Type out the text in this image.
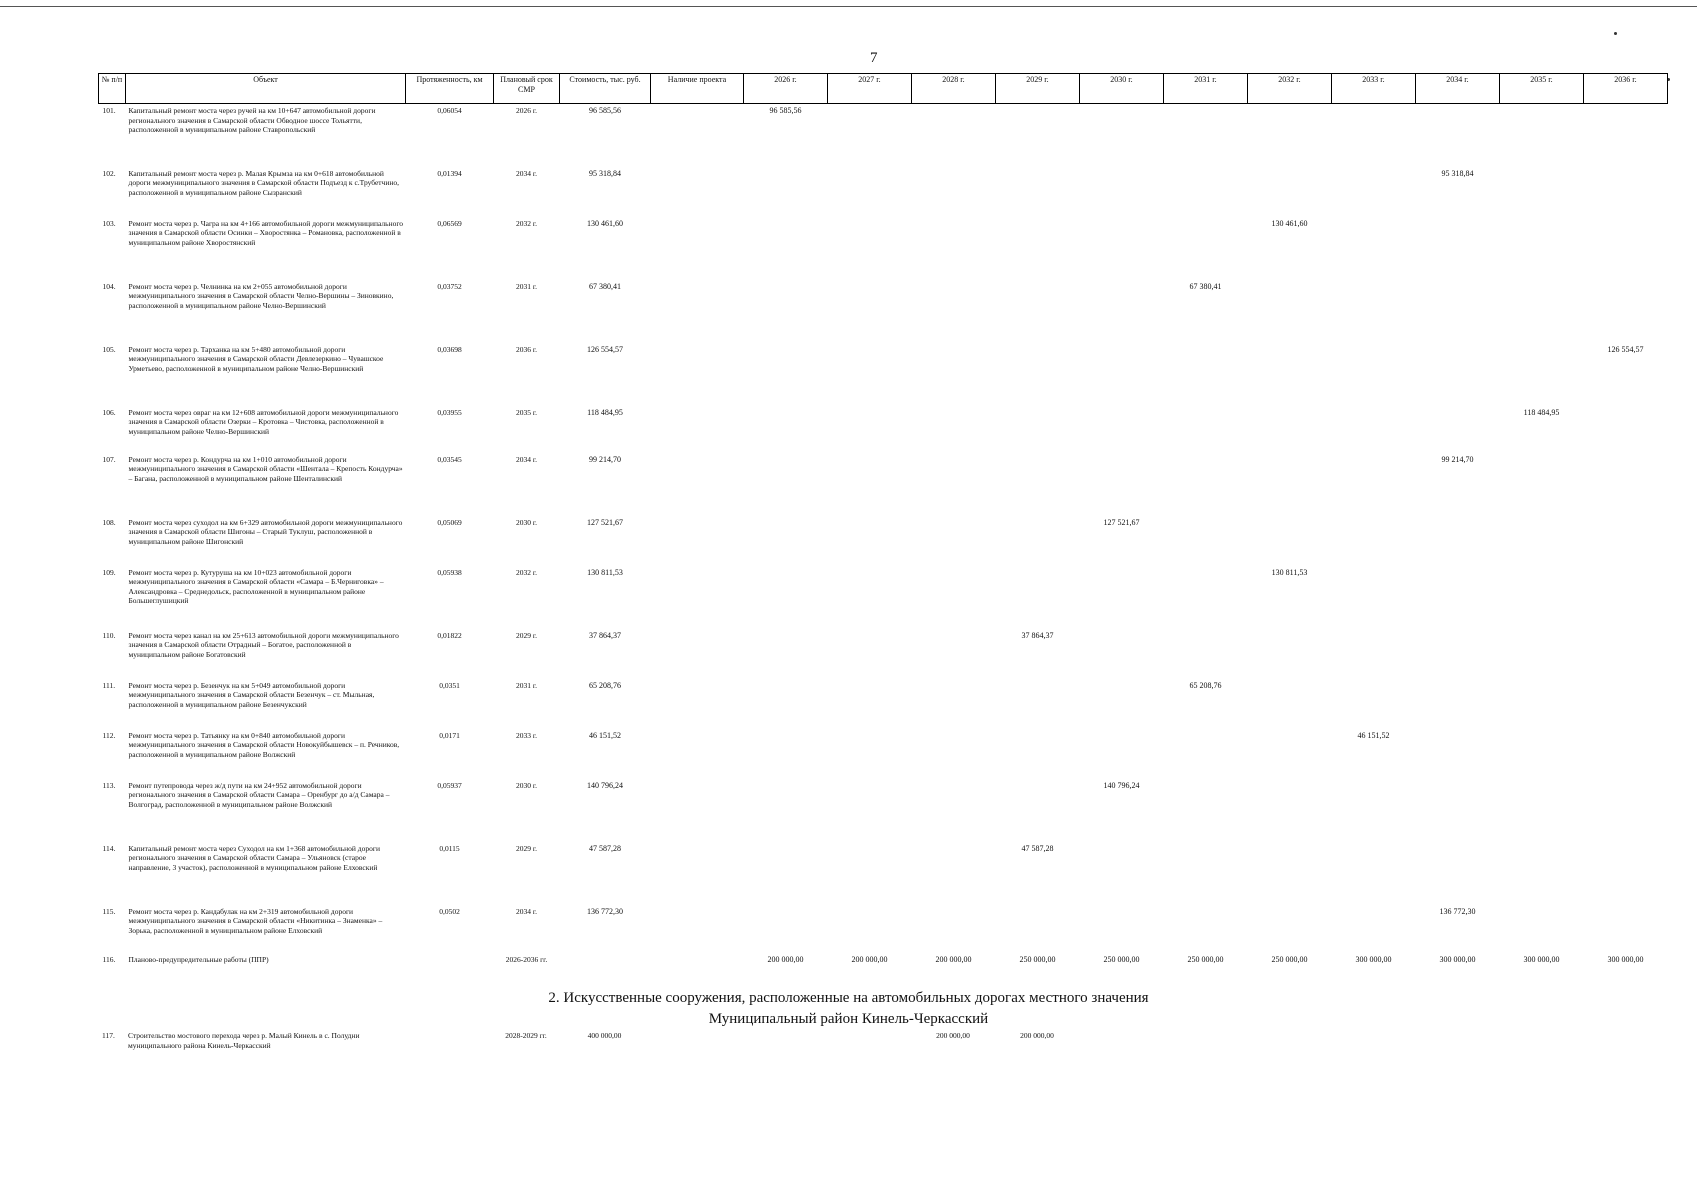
7
№ п/п	Объект	Протяженность, км	Плановый срок СМР	Стоимость, тыс. руб.	Наличие проекта	2026 г.	2027 г.	2028 г.	2029 г.	2030 г.	2031 г.	2032 г.	2033 г.	2034 г.	2035 г.	2036 г.
101.	Капитальный ремонт моста через ручей на км 10+647 автомобильной дороги регионального значения в Самарской области Обводное шоссе Тольятти, расположенной в муниципальном районе Ставропольский	0,06054	2026 г.	96 585,56		96 585,56										
102.	Капитальный ремонт моста через р. Малая Крымза на км 0+618 автомобильной дороги межмуниципального значения в Самарской области Подъезд к с.Трубетчино, расположенной в муниципальном районе Сызранский	0,01394	2034 г.	95 318,84										95 318,84		
103.	Ремонт моста через р. Чагра на км 4+166 автомобильной дороги межмуниципального значения в Самарской области Осинки – Хворостянка – Романовка, расположенной в муниципальном районе Хворостянский	0,06569	2032 г.	130 461,60								130 461,60				
104.	Ремонт моста через р. Челнинка на км 2+055 автомобильной дороги межмуниципального значения в Самарской области Челно-Вершины – Зиновкино, расположенной в муниципальном районе Челно-Вершинский	0,03752	2031 г.	67 380,41							67 380,41					
105.	Ремонт моста через р. Тарханка на км 5+480 автомобильной дороги межмуниципального значения в Самарской области Девлезеркино – Чувашское Урметьево, расположенной в муниципальном районе Челно-Вершинский	0,03698	2036 г.	126 554,57												126 554,57
106.	Ремонт моста через овраг на км 12+608 автомобильной дороги межмуниципального значения в Самарской области Озерки – Кротовка – Чистовка, расположенной в муниципальном районе Челно-Вершинский	0,03955	2035 г.	118 484,95											118 484,95	
107.	Ремонт моста через р. Кондурча на км 1+010 автомобильной дороги межмуниципального значения в Самарской области «Шентала – Крепость Кондурча» – Багана, расположенной в муниципальном районе Шенталинский	0,03545	2034 г.	99 214,70										99 214,70		
108.	Ремонт моста через суходол на км 6+329 автомобильной дороги межмуниципального значения в Самарской области Шигоны – Старый Туклуш, расположенной в муниципальном районе Шигонский	0,05069	2030 г.	127 521,67						127 521,67						
109.	Ремонт моста через р. Кутуруша на км 10+023 автомобильной дороги межмуниципального значения в Самарской области «Самара – Б.Черниговка» – Александровка – Среднедольск, расположенной в муниципальном районе Большеглушицкий	0,05938	2032 г.	130 811,53								130 811,53				
110.	Ремонт моста через канал на км 25+613 автомобильной дороги межмуниципального значения в Самарской области Отрадный – Богатое, расположенной в муниципальном районе Богатовский	0,01822	2029 г.	37 864,37					37 864,37							
111.	Ремонт моста через р. Безенчук на км 5+049 автомобильной дороги межмуниципального значения в Самарской области Безенчук – ст. Мыльная, расположенной в муниципальном районе Безенчукский	0,0351	2031 г.	65 208,76							65 208,76					
112.	Ремонт моста через р. Татьянку на км 0+840 автомобильной дороги межмуниципального значения в Самарской области Новокуйбышевск – п. Речников, расположенной в муниципальном районе Волжский	0,0171	2033 г.	46 151,52									46 151,52			
113.	Ремонт путепровода через ж/д пути на км 24+952 автомобильной дороги регионального значения в Самарской области Самара – Оренбург до а/д Самара – Волгоград, расположенной в муниципальном районе Волжский	0,05937	2030 г.	140 796,24						140 796,24						
114.	Капитальный ремонт моста через Суходол на км 1+368 автомобильной дороги регионального значения в Самарской области Самара – Ульяновск (старое направление, 3 участок), расположенной в муниципальном районе Елховский	0,0115	2029 г.	47 587,28					47 587,28							
115.	Ремонт моста через р. Кандабулак на км 2+319 автомобильной дороги межмуниципального значения в Самарской области «Никитинка – Знаменка» – Зорька, расположенной в муниципальном районе Елховский	0,0502	2034 г.	136 772,30										136 772,30		
116.	Планово-предупредительные работы (ППР)		2026-2036 гг.			200 000,00	200 000,00	200 000,00	250 000,00	250 000,00	250 000,00	250 000,00	300 000,00	300 000,00	300 000,00	300 000,00
2. Искусственные сооружения, расположенные на автомобильных дорогах местного значения
Муниципальный район Кинель-Черкасский
117.	Строительство мостового перехода через р. Малый Кинель в с. Полудни муниципального района Кинель-Черкасский		2028-2029 гг.	400 000,00				200 000,00	200 000,00							
